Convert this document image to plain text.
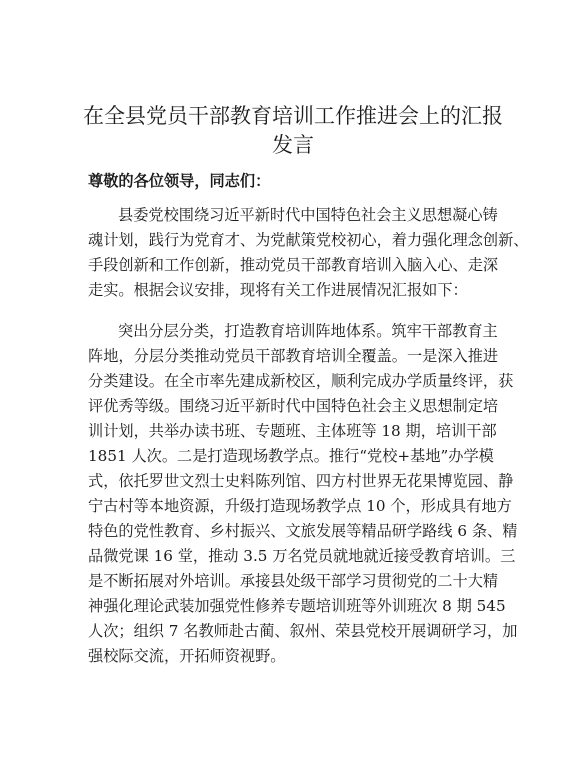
在全县党员干部教育培训工作推进会上的汇报
发言

尊敬的各位领导，同志们：

县委党校围绕习近平新时代中国特色社会主义思想凝心铸

魂计划，践行为党育才、为党献策党校初心，着力强化理念创新、

手段创新和工作创新，推动党员干部教育培训入脑入心、走深

走实。根据会议安排，现将有关工作进展情况汇报如下：

突出分层分类，打造教育培训阵地体系。筑牢干部教育主

阵地，分层分类推动党员干部教育培训全覆盖。一是深入推进

分类建设。在全市率先建成新校区，顺利完成办学质量终评，获

评优秀等级。围绕习近平新时代中国特色社会主义思想制定培

训计划，共举办读书班、专题班、主体班等 18 期，培训干部

1851 人次。二是打造现场教学点。推行“党校+基地”办学模

式，依托罗世文烈士史料陈列馆、四方村世界无花果博览园、静

宁古村等本地资源，升级打造现场教学点 10 个，形成具有地方

特色的党性教育、乡村振兴、文旅发展等精品研学路线 6 条、精

品微党课 16 堂，推动 3.5 万名党员就地就近接受教育培训。三

是不断拓展对外培训。承接县处级干部学习贯彻党的二十大精

神强化理论武装加强党性修养专题培训班等外训班次 8 期 545

人次；组织 7 名教师赴古蔺、叙州、荣县党校开展调研学习，加

强校际交流，开拓师资视野。
